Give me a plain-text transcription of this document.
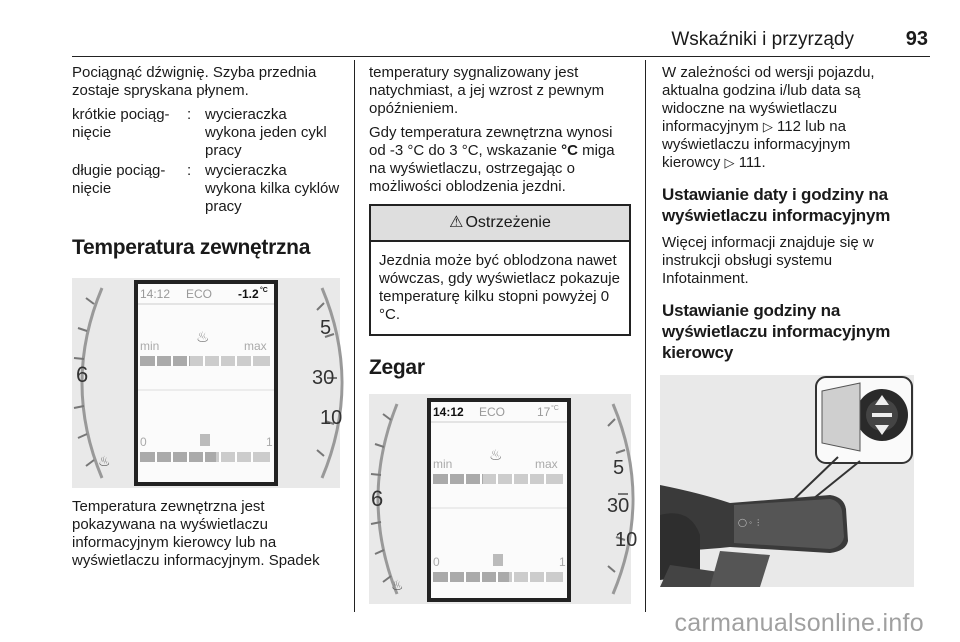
Wskaźniki i przyrządy	93

Pociągnąć dźwignię. Szyba przednia zostaje spryskana płynem.

krótkie pociąg-nięcie	:	wycieraczka wykona jeden cykl pracy
długie pociąg-nięcie	:	wycieraczka wykona kilka cyklów pracy
Temperatura zewnętrzna
6
♨
5
30
10
14:12 ECO -1.2 °C
♨
min	max
0	1

Temperatura zewnętrzna jest pokazywana na wyświetlaczu informacyjnym kierowcy lub na wyświetlaczu informacyjnym. Spadek

temperatury sygnalizowany jest natychmiast, a jej wzrost z pewnym opóźnieniem.

Gdy temperatura zewnętrzna wynosi od -3 °C do 3 °C, wskazanie °C miga na wyświetlaczu, ostrzegając o możliwości oblodzenia jezdni.

⚠ Ostrzeżenie
Jezdnia może być oblodzona nawet wówczas, gdy wyświetlacz pokazuje temperaturę kilku stopni powyżej 0 °C.
Zegar
6
♨
5
30
10
14:12 ECO	17 °C
♨
min	max
0	1

W zależności od wersji pojazdu, aktualna godzina i/lub data są widoczne na wyświetlaczu informacyjnym ▷ 112 lub na wyświetlaczu informacyjnym kierowcy ▷ 111.

Ustawianie daty i godziny na wyświetlaczu informacyjnym

Więcej informacji znajduje się w instrukcji obsługi systemu Infotainment.

Ustawianie godziny na wyświetlaczu informacyjnym kierowcy
◯ ◦ ⋮
carmanualsonline.info
